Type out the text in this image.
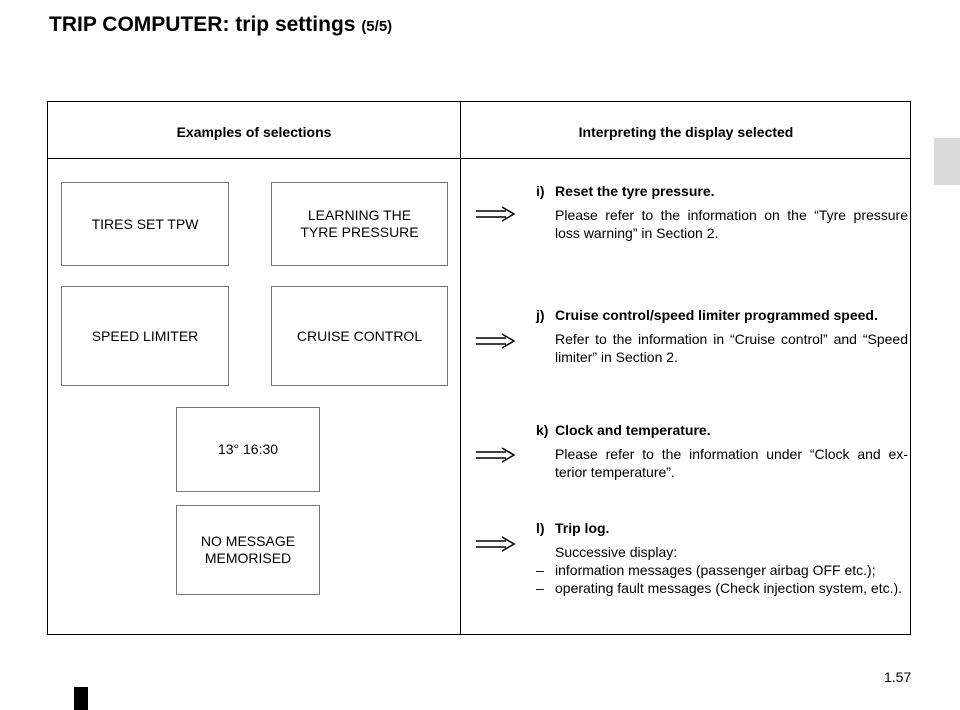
TRIP COMPUTER: trip settings (5/5)
Examples of selections	Interpreting the display selected
TIRES SET TPW
LEARNING THE
TYRE PRESSURE
SPEED LIMITER	CRUISE CONTROL
13° 16:30
NO MESSAGE
MEMORISED
i) Reset the tyre pressure.
Please refer to the information on the “Tyre pressure loss warning” in Section 2.
j) Cruise control/speed limiter programmed speed.
Refer to the information in “Cruise control” and “Speed limiter” in Section 2.
k) Clock and temperature.
Please refer to the information under “Clock and ex- terior temperature”.
l) Trip log.
Successive display:
– information messages (passenger airbag OFF etc.);
– operating fault messages (Check injection system, etc.).
1.57
